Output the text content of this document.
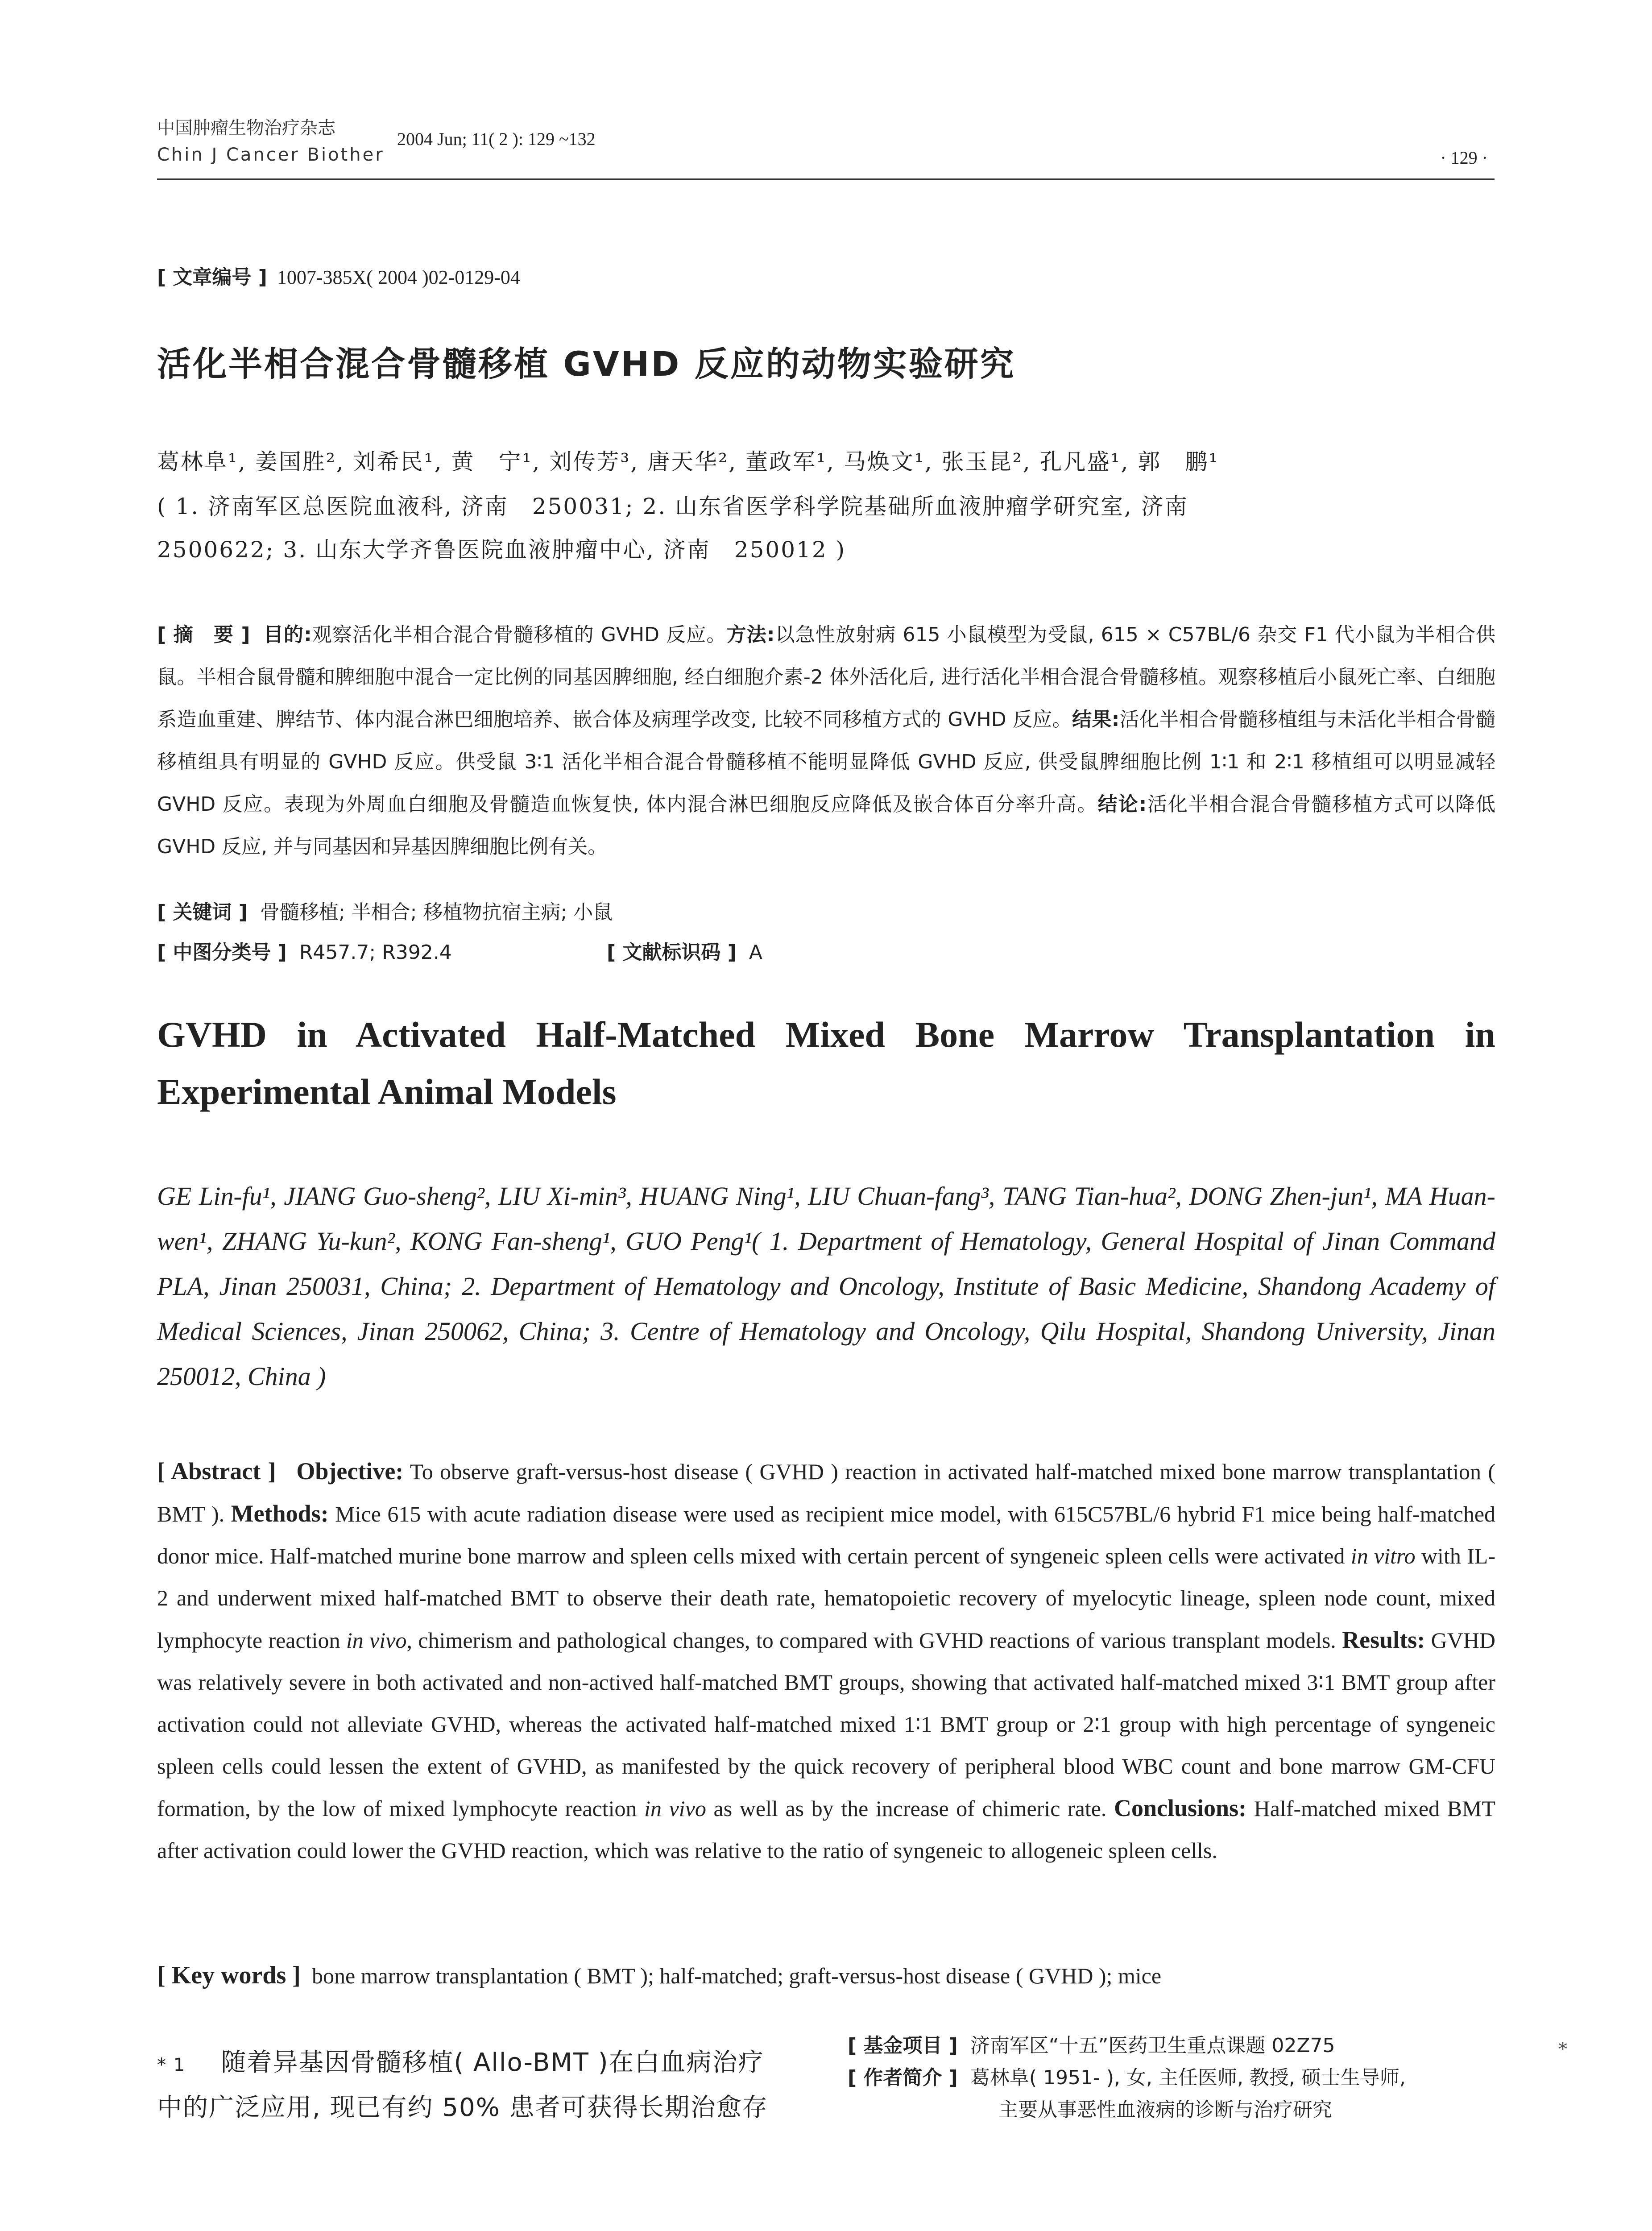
中国肿瘤生物治疗杂志
Chin J Cancer Biother
2004 Jun; 11( 2 ): 129 ~132
· 129 ·
[ 文章编号 ] 1007-385X( 2004 )02-0129-04
活化半相合混合骨髓移植 GVHD 反应的动物实验研究
葛林阜¹, 姜国胜², 刘希民¹, 黄　宁¹, 刘传芳³, 唐天华², 董政军¹, 马焕文¹, 张玉昆², 孔凡盛¹, 郭　鹏¹
( 1. 济南军区总医院血液科, 济南　250031; 2. 山东省医学科学院基础所血液肿瘤学研究室, 济南
2500622; 3. 山东大学齐鲁医院血液肿瘤中心, 济南　250012 )
[ 摘　要 ] 目的:观察活化半相合混合骨髓移植的 GVHD 反应。方法:以急性放射病 615 小鼠模型为受鼠, 615 × C57BL/6 杂交 F1 代小鼠为半相合供鼠。半相合鼠骨髓和脾细胞中混合一定比例的同基因脾细胞, 经白细胞介素-2 体外活化后, 进行活化半相合混合骨髓移植。观察移植后小鼠死亡率、白细胞系造血重建、脾结节、体内混合淋巴细胞培养、嵌合体及病理学改变, 比较不同移植方式的 GVHD 反应。结果:活化半相合骨髓移植组与未活化半相合骨髓移植组具有明显的 GVHD 反应。供受鼠 3∶1 活化半相合混合骨髓移植不能明显降低 GVHD 反应, 供受鼠脾细胞比例 1∶1 和 2∶1 移植组可以明显减轻 GVHD 反应。表现为外周血白细胞及骨髓造血恢复快, 体内混合淋巴细胞反应降低及嵌合体百分率升高。结论:活化半相合混合骨髓移植方式可以降低 GVHD 反应, 并与同基因和异基因脾细胞比例有关。
[ 关键词 ] 骨髓移植; 半相合; 移植物抗宿主病; 小鼠
[ 中图分类号 ] R457.7; R392.4	[ 文献标识码 ] A
GVHD in Activated Half-Matched Mixed Bone Marrow Transplantation in Experimental Animal Models
GE Lin-fu¹, JIANG Guo-sheng², LIU Xi-min³, HUANG Ning¹, LIU Chuan-fang³, TANG Tian-hua², DONG Zhen-jun¹, MA Huan-wen¹, ZHANG Yu-kun², KONG Fan-sheng¹, GUO Peng¹( 1. Department of Hematology, General Hospital of Jinan Command PLA, Jinan 250031, China; 2. Department of Hematology and Oncology, Institute of Basic Medicine, Shandong Academy of Medical Sciences, Jinan 250062, China; 3. Centre of Hematology and Oncology, Qilu Hospital, Shandong University, Jinan 250012, China )
[ Abstract ] Objective: To observe graft-versus-host disease ( GVHD ) reaction in activated half-matched mixed bone marrow transplantation ( BMT ). Methods: Mice 615 with acute radiation disease were used as recipient mice model, with 615C57BL/6 hybrid F1 mice being half-matched donor mice. Half-matched murine bone marrow and spleen cells mixed with certain percent of syngeneic spleen cells were activated in vitro with IL-2 and underwent mixed half-matched BMT to observe their death rate, hematopoietic recovery of myelocytic lineage, spleen node count, mixed lymphocyte reaction in vivo, chimerism and pathological changes, to compared with GVHD reactions of various transplant models. Results: GVHD was relatively severe in both activated and non-actived half-matched BMT groups, showing that activated half-matched mixed 3∶1 BMT group after activation could not alleviate GVHD, whereas the activated half-matched mixed 1∶1 BMT group or 2∶1 group with high percentage of syngeneic spleen cells could lessen the extent of GVHD, as manifested by the quick recovery of peripheral blood WBC count and bone marrow GM-CFU formation, by the low of mixed lymphocyte reaction in vivo as well as by the increase of chimeric rate. Conclusions: Half-matched mixed BMT after activation could lower the GVHD reaction, which was relative to the ratio of syngeneic to allogeneic spleen cells.
[ Key words ] bone marrow transplantation ( BMT ); half-matched; graft-versus-host disease ( GVHD ); mice
* 1 随着异基因骨髓移植( Allo-BMT )在白血病治疗
中的广泛应用, 现已有约 50% 患者可获得长期治愈存
[ 基金项目 ] 济南军区“十五”医药卫生重点课题 02Z75
[ 作者简介 ] 葛林阜( 1951- ), 女, 主任医师, 教授, 硕士生导师,
主要从事恶性血液病的诊断与治疗研究
*
